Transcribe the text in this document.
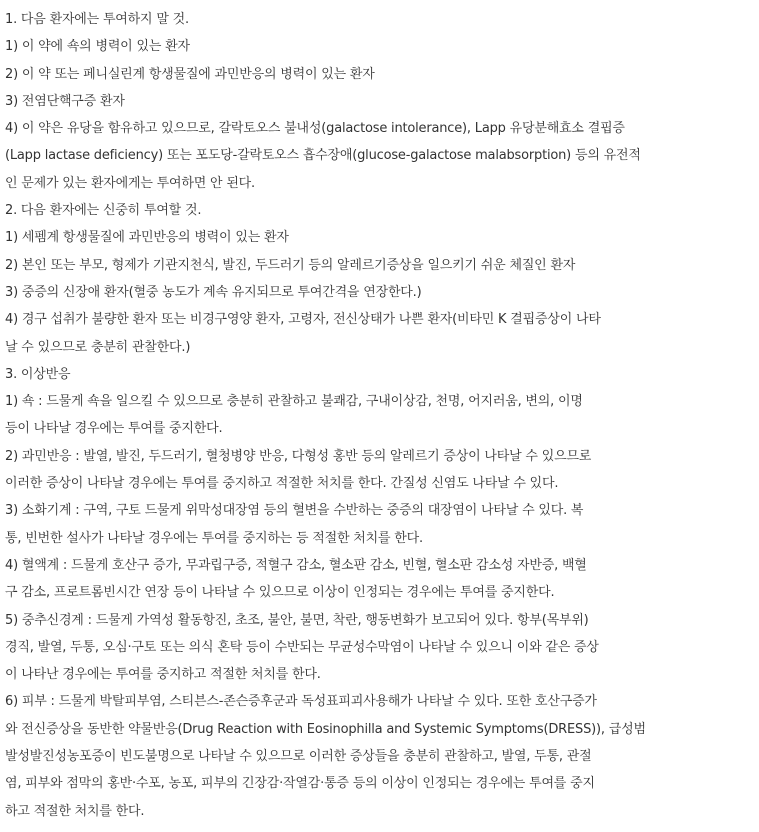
1. 다음 환자에는 투여하지 말 것.
1) 이 약에 쇽의 병력이 있는 환자
2) 이 약 또는 페니실린계 항생물질에 과민반응의 병력이 있는 환자
3) 전염단핵구증 환자
4) 이 약은 유당을 함유하고 있으므로, 갈락토오스 불내성(galactose intolerance), Lapp 유당분해효소 결핍증
(Lapp lactase deficiency) 또는 포도당-갈락토오스 흡수장애(glucose-galactose malabsorption) 등의 유전적
인 문제가 있는 환자에게는 투여하면 안 된다.
2. 다음 환자에는 신중히 투여할 것.
1) 세펨계 항생물질에 과민반응의 병력이 있는 환자
2) 본인 또는 부모, 형제가 기관지천식, 발진, 두드러기 등의 알레르기증상을 일으키기 쉬운 체질인 환자
3) 중증의 신장애 환자(혈중 농도가 계속 유지되므로 투여간격을 연장한다.)
4) 경구 섭취가 불량한 환자 또는 비경구영양 환자, 고령자, 전신상태가 나쁜 환자(비타민 K 결핍증상이 나타
날 수 있으므로 충분히 관찰한다.)
3. 이상반응
1) 쇽 : 드물게 쇽을 일으킬 수 있으므로 충분히 관찰하고 불쾌감, 구내이상감, 천명, 어지러움, 변의, 이명
등이 나타날 경우에는 투여를 중지한다.
2) 과민반응 : 발열, 발진, 두드러기, 혈청병양 반응, 다형성 홍반 등의 알레르기 증상이 나타날 수 있으므로
이러한 증상이 나타날 경우에는 투여를 중지하고 적절한 처치를 한다. 간질성 신염도 나타날 수 있다.
3) 소화기계 : 구역, 구토 드물게 위막성대장염 등의 혈변을 수반하는 중증의 대장염이 나타날 수 있다. 복
통, 빈번한 설사가 나타날 경우에는 투여를 중지하는 등 적절한 처치를 한다.
4) 혈액계 : 드물게 호산구 증가, 무과립구증, 적혈구 감소, 혈소판 감소, 빈혈, 혈소판 감소성 자반증, 백혈
구 감소, 프로트롬빈시간 연장 등이 나타날 수 있으므로 이상이 인정되는 경우에는 투여를 중지한다.
5) 중추신경계 : 드물게 가역성 활동항진, 초조, 불안, 불면, 착란, 행동변화가 보고되어 있다. 항부(목부위)
경직, 발열, 두통, 오심·구토 또는 의식 혼탁 등이 수반되는 무균성수막염이 나타날 수 있으니 이와 같은 증상
이 나타난 경우에는 투여를 중지하고 적절한 처치를 한다.
6) 피부 : 드물게 박탈피부염, 스티븐스-존슨증후군과 독성표피괴사용해가 나타날 수 있다. 또한 호산구증가
와 전신증상을 동반한 약물반응(Drug Reaction with Eosinophilla and Systemic Symptoms(DRESS)), 급성범
발성발진성농포증이 빈도불명으로 나타날 수 있으므로 이러한 증상들을 충분히 관찰하고, 발열, 두통, 관절
염, 피부와 점막의 홍반·수포, 농포, 피부의 긴장감·작열감·통증 등의 이상이 인정되는 경우에는 투여를 중지
하고 적절한 처치를 한다.
